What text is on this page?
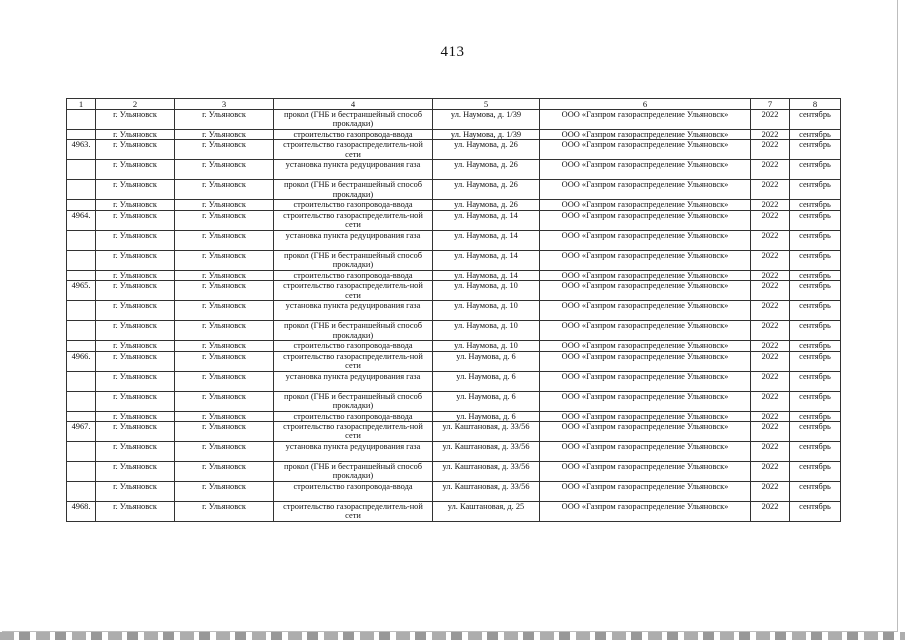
413
1	2	3	4	5	6	7	8
	г. Ульяновск	г. Ульяновск	прокол (ГНБ и бестраншейный способ прокладки)	ул. Наумова, д. 1/39	ООО «Газпром газораспределение Ульяновск»	2022	сентябрь
	г. Ульяновск	г. Ульяновск	строительство газопровода-ввода	ул. Наумова, д. 1/39	ООО «Газпром газораспределение Ульяновск»	2022	сентябрь
4963.	г. Ульяновск	г. Ульяновск	строительство газораспределитель-ной сети	ул. Наумова, д. 26	ООО «Газпром газораспределение Ульяновск»	2022	сентябрь
	г. Ульяновск	г. Ульяновск	установка пункта редуцирования газа	ул. Наумова, д. 26	ООО «Газпром газораспределение Ульяновск»	2022	сентябрь
	г. Ульяновск	г. Ульяновск	прокол (ГНБ и бестраншейный способ прокладки)	ул. Наумова, д. 26	ООО «Газпром газораспределение Ульяновск»	2022	сентябрь
	г. Ульяновск	г. Ульяновск	строительство газопровода-ввода	ул. Наумова, д. 26	ООО «Газпром газораспределение Ульяновск»	2022	сентябрь
4964.	г. Ульяновск	г. Ульяновск	строительство газораспределитель-ной сети	ул. Наумова, д. 14	ООО «Газпром газораспределение Ульяновск»	2022	сентябрь
	г. Ульяновск	г. Ульяновск	установка пункта редуцирования газа	ул. Наумова, д. 14	ООО «Газпром газораспределение Ульяновск»	2022	сентябрь
	г. Ульяновск	г. Ульяновск	прокол (ГНБ и бестраншейный способ прокладки)	ул. Наумова, д. 14	ООО «Газпром газораспределение Ульяновск»	2022	сентябрь
	г. Ульяновск	г. Ульяновск	строительство газопровода-ввода	ул. Наумова, д. 14	ООО «Газпром газораспределение Ульяновск»	2022	сентябрь
4965.	г. Ульяновск	г. Ульяновск	строительство газораспределитель-ной сети	ул. Наумова, д. 10	ООО «Газпром газораспределение Ульяновск»	2022	сентябрь
	г. Ульяновск	г. Ульяновск	установка пункта редуцирования газа	ул. Наумова, д. 10	ООО «Газпром газораспределение Ульяновск»	2022	сентябрь
	г. Ульяновск	г. Ульяновск	прокол (ГНБ и бестраншейный способ прокладки)	ул. Наумова, д. 10	ООО «Газпром газораспределение Ульяновск»	2022	сентябрь
	г. Ульяновск	г. Ульяновск	строительство газопровода-ввода	ул. Наумова, д. 10	ООО «Газпром газораспределение Ульяновск»	2022	сентябрь
4966.	г. Ульяновск	г. Ульяновск	строительство газораспределитель-ной сети	ул. Наумова, д. 6	ООО «Газпром газораспределение Ульяновск»	2022	сентябрь
	г. Ульяновск	г. Ульяновск	установка пункта редуцирования газа	ул. Наумова, д. 6	ООО «Газпром газораспределение Ульяновск»	2022	сентябрь
	г. Ульяновск	г. Ульяновск	прокол (ГНБ и бестраншейный способ прокладки)	ул. Наумова, д. 6	ООО «Газпром газораспределение Ульяновск»	2022	сентябрь
	г. Ульяновск	г. Ульяновск	строительство газопровода-ввода	ул. Наумова, д. 6	ООО «Газпром газораспределение Ульяновск»	2022	сентябрь
4967.	г. Ульяновск	г. Ульяновск	строительство газораспределитель-ной сети	ул. Каштановая, д. 33/56	ООО «Газпром газораспределение Ульяновск»	2022	сентябрь
	г. Ульяновск	г. Ульяновск	установка пункта редуцирования газа	ул. Каштановая, д. 33/56	ООО «Газпром газораспределение Ульяновск»	2022	сентябрь
	г. Ульяновск	г. Ульяновск	прокол (ГНБ и бестраншейный способ прокладки)	ул. Каштановая, д. 33/56	ООО «Газпром газораспределение Ульяновск»	2022	сентябрь
	г. Ульяновск	г. Ульяновск	строительство газопровода-ввода	ул. Каштановая, д. 33/56	ООО «Газпром газораспределение Ульяновск»	2022	сентябрь
4968.	г. Ульяновск	г. Ульяновск	строительство газораспределитель-ной сети	ул. Каштановая, д. 25	ООО «Газпром газораспределение Ульяновск»	2022	сентябрь
